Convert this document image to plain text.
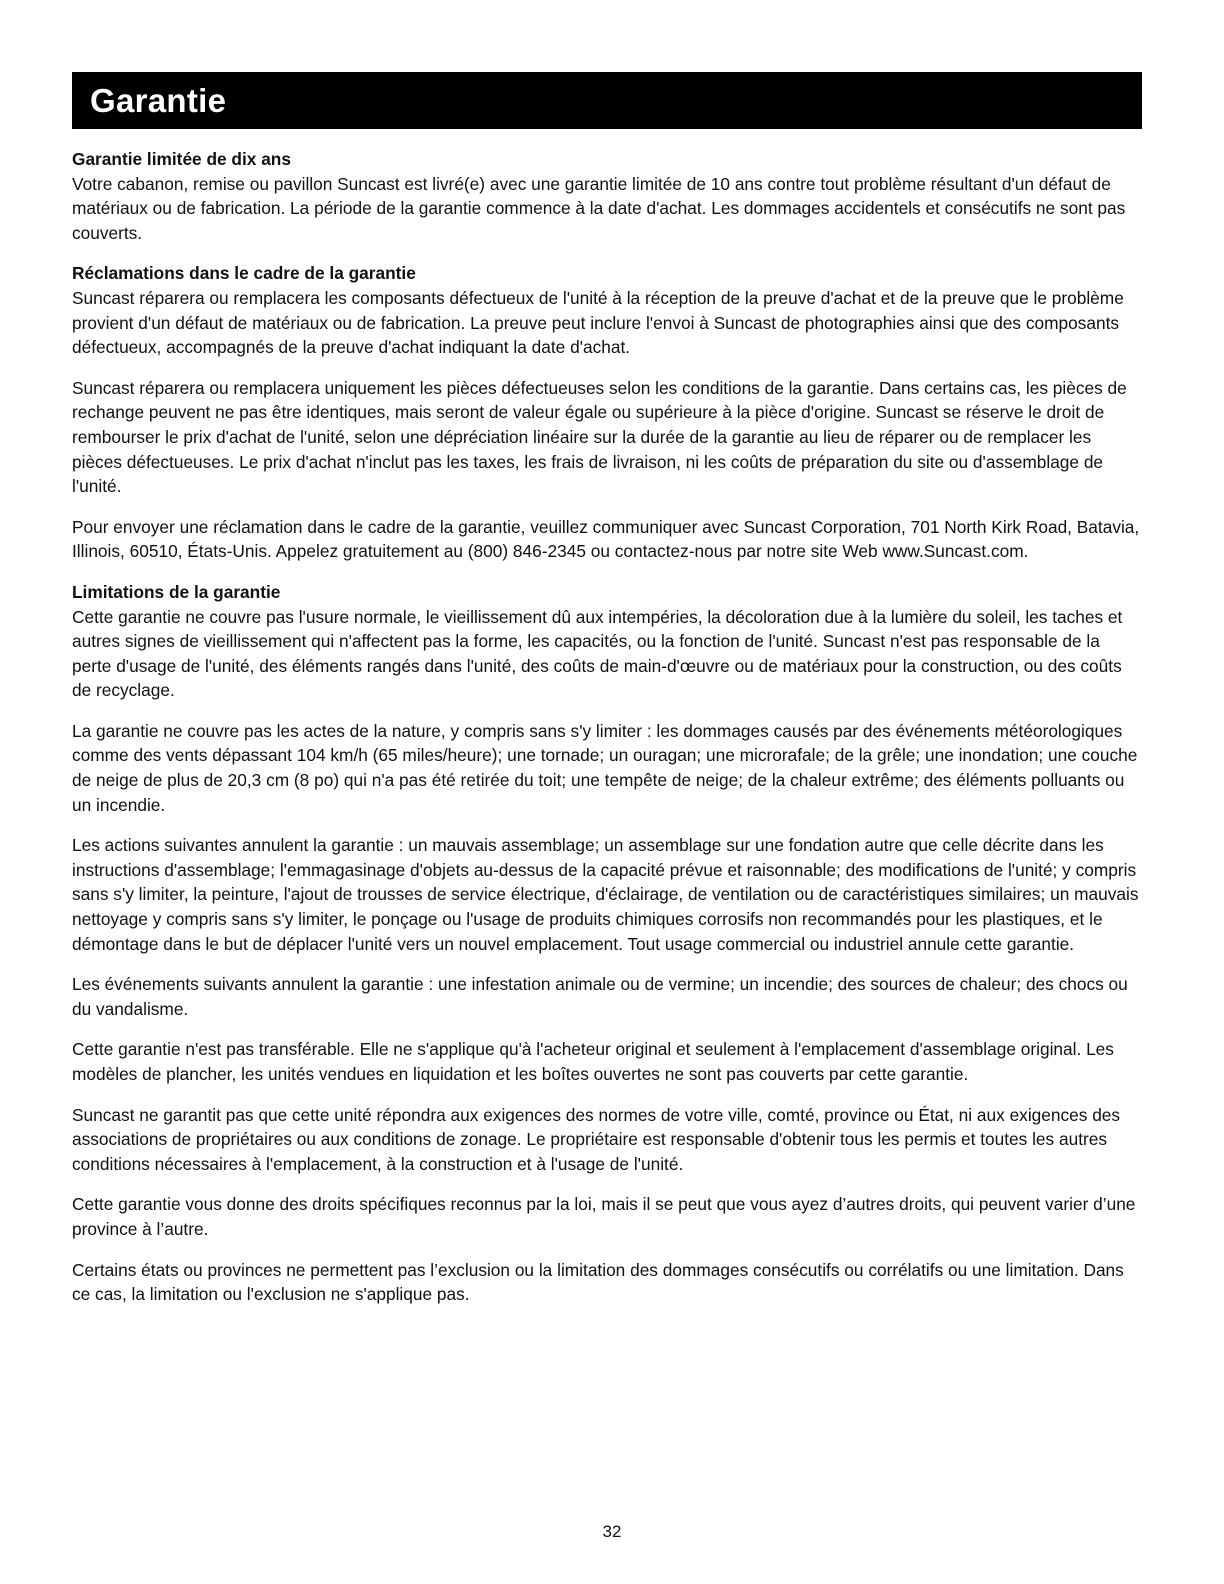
Garantie

Garantie limitée de dix ans

Votre cabanon, remise ou pavillon Suncast est livré(e) avec une garantie limitée de 10 ans contre tout problème résultant d'un défaut de matériaux ou de fabrication. La période de la garantie commence à la date d'achat. Les dommages accidentels et consécutifs ne sont pas couverts.

Réclamations dans le cadre de la garantie

Suncast réparera ou remplacera les composants défectueux de l'unité à la réception de la preuve d'achat et de la preuve que le problème provient d'un défaut de matériaux ou de fabrication. La preuve peut inclure l'envoi à Suncast de photographies ainsi que des composants défectueux, accompagnés de la preuve d'achat indiquant la date d'achat.

Suncast réparera ou remplacera uniquement les pièces défectueuses selon les conditions de la garantie. Dans certains cas, les pièces de rechange peuvent ne pas être identiques, mais seront de valeur égale ou supérieure à la pièce d'origine. Suncast se réserve le droit de rembourser le prix d'achat de l'unité, selon une dépréciation linéaire sur la durée de la garantie au lieu de réparer ou de remplacer les pièces défectueuses. Le prix d'achat n'inclut pas les taxes, les frais de livraison, ni les coûts de préparation du site ou d'assemblage de l'unité.

Pour envoyer une réclamation dans le cadre de la garantie, veuillez communiquer avec Suncast Corporation, 701 North Kirk Road, Batavia, Illinois, 60510, États-Unis. Appelez gratuitement au (800) 846-2345 ou contactez-nous par notre site Web www.Suncast.com.

Limitations de la garantie

Cette garantie ne couvre pas l'usure normale, le vieillissement dû aux intempéries, la décoloration due à la lumière du soleil, les taches et autres signes de vieillissement qui n'affectent pas la forme, les capacités, ou la fonction de l'unité. Suncast n'est pas responsable de la perte d'usage de l'unité, des éléments rangés dans l'unité, des coûts de main-d'œuvre ou de matériaux pour la construction, ou des coûts de recyclage.

La garantie ne couvre pas les actes de la nature, y compris sans s'y limiter : les dommages causés par des événements météorologiques comme des vents dépassant 104 km/h (65 miles/heure); une tornade; un ouragan; une microrafale; de la grêle; une inondation; une couche de neige de plus de 20,3 cm (8 po) qui n'a pas été retirée du toit; une tempête de neige; de la chaleur extrême; des éléments polluants ou un incendie.

Les actions suivantes annulent la garantie : un mauvais assemblage; un assemblage sur une fondation autre que celle décrite dans les instructions d'assemblage; l'emmagasinage d'objets au-dessus de la capacité prévue et raisonnable; des modifications de l'unité; y compris sans s'y limiter, la peinture, l'ajout de trousses de service électrique, d'éclairage, de ventilation ou de caractéristiques similaires; un mauvais nettoyage y compris sans s'y limiter, le ponçage ou l'usage de produits chimiques corrosifs non recommandés pour les plastiques, et le démontage dans le but de déplacer l'unité vers un nouvel emplacement. Tout usage commercial ou industriel annule cette garantie.

Les événements suivants annulent la garantie : une infestation animale ou de vermine; un incendie; des sources de chaleur; des chocs ou du vandalisme.

Cette garantie n'est pas transférable. Elle ne s'applique qu'à l'acheteur original et seulement à l'emplacement d'assemblage original. Les modèles de plancher, les unités vendues en liquidation et les boîtes ouvertes ne sont pas couverts par cette garantie.

Suncast ne garantit pas que cette unité répondra aux exigences des normes de votre ville, comté, province ou État, ni aux exigences des associations de propriétaires ou aux conditions de zonage. Le propriétaire est responsable d'obtenir tous les permis et toutes les autres conditions nécessaires à l'emplacement, à la construction et à l'usage de l'unité.

Cette garantie vous donne des droits spécifiques reconnus par la loi, mais il se peut que vous ayez d’autres droits, qui peuvent varier d’une province à l’autre.

Certains états ou provinces ne permettent pas l’exclusion ou la limitation des dommages consécutifs ou corrélatifs ou une limitation. Dans ce cas, la limitation ou l'exclusion ne s'applique pas.

32
